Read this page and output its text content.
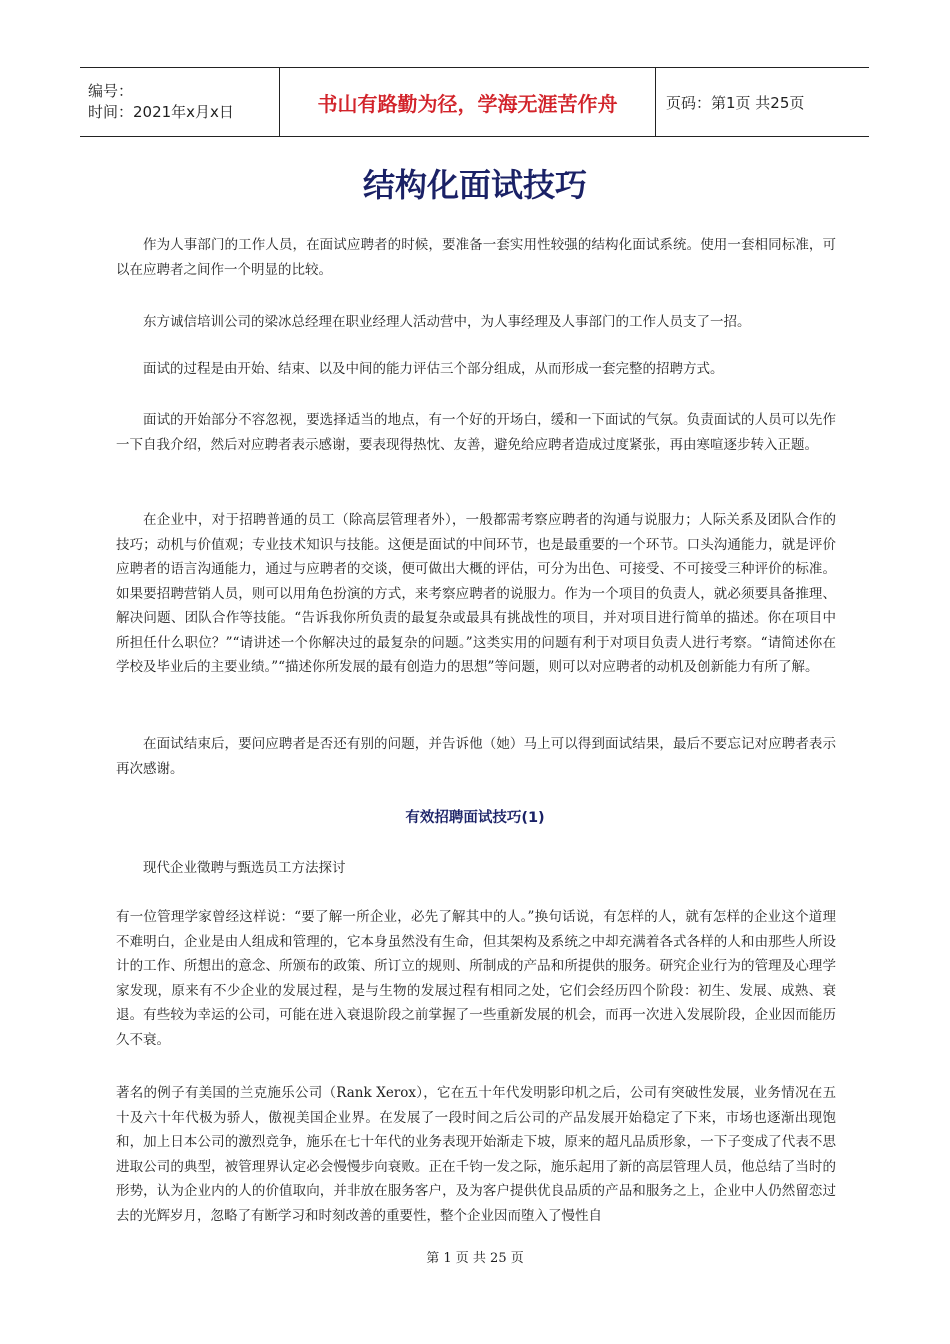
编号：
时间：2021年x月x日	书山有路勤为径，学海无涯苦作舟	页码：第1页 共25页
结构化面试技巧

作为人事部门的工作人员，在面试应聘者的时候，要准备一套实用性较强的结构化面试系统。使用一套相同标准，可以在应聘者之间作一个明显的比较。

东方诚信培训公司的梁冰总经理在职业经理人活动营中，为人事经理及人事部门的工作人员支了一招。

面试的过程是由开始、结束、以及中间的能力评估三个部分组成，从而形成一套完整的招聘方式。

面试的开始部分不容忽视，要选择适当的地点，有一个好的开场白，缓和一下面试的气氛。负责面试的人员可以先作一下自我介绍，然后对应聘者表示感谢，要表现得热忱、友善，避免给应聘者造成过度紧张，再由寒喧逐步转入正题。

在企业中，对于招聘普通的员工（除高层管理者外），一般都需考察应聘者的沟通与说服力；人际关系及团队合作的技巧；动机与价值观；专业技术知识与技能。这便是面试的中间环节，也是最重要的一个环节。口头沟通能力，就是评价应聘者的语言沟通能力，通过与应聘者的交谈，便可做出大概的评估，可分为出色、可接受、不可接受三种评价的标准。如果要招聘营销人员，则可以用角色扮演的方式，来考察应聘者的说服力。作为一个项目的负责人，就必须要具备推理、解决问题、团队合作等技能。“告诉我你所负责的最复杂或最具有挑战性的项目，并对项目进行简单的描述。你在项目中所担任什么职位？”“请讲述一个你解决过的最复杂的问题。”这类实用的问题有利于对项目负责人进行考察。“请简述你在学校及毕业后的主要业绩。”“描述你所发展的最有创造力的思想”等问题，则可以对应聘者的动机及创新能力有所了解。

在面试结束后，要问应聘者是否还有别的问题，并告诉他（她）马上可以得到面试结果，最后不要忘记对应聘者表示再次感谢。

有效招聘面试技巧(1)

现代企业徵聘与甄选员工方法探讨

有一位管理学家曾经这样说：“要了解一所企业，必先了解其中的人。”换句话说，有怎样的人，就有怎样的企业这个道理不难明白，企业是由人组成和管理的，它本身虽然没有生命，但其架构及系统之中却充满着各式各样的人和由那些人所设计的工作、所想出的意念、所颁布的政策、所订立的规则、所制成的产品和所提供的服务。研究企业行为的管理及心理学家发现，原来有不少企业的发展过程，是与生物的发展过程有相同之处，它们会经历四个阶段：初生、发展、成熟、衰退。有些较为幸运的公司，可能在进入衰退阶段之前掌握了一些重新发展的机会，而再一次进入发展阶段，企业因而能历久不衰。

著名的例子有美国的兰克施乐公司（Rank Xerox），它在五十年代发明影印机之后，公司有突破性发展，业务情况在五十及六十年代极为骄人，傲视美国企业界。在发展了一段时间之后公司的产品发展开始稳定了下来，市场也逐渐出现饱和，加上日本公司的激烈竞争，施乐在七十年代的业务表现开始渐走下坡，原来的超凡品质形象，一下子变成了代表不思进取公司的典型，被管理界认定必会慢慢步向衰败。正在千钧一发之际，施乐起用了新的高层管理人员，他总结了当时的形势，认为企业内的人的价值取向，并非放在服务客户，及为客户提供优良品质的产品和服务之上，企业中人仍然留恋过去的光辉岁月，忽略了有断学习和时刻改善的重要性，整个企业因而堕入了慢性自

第 1 页 共 25 页
